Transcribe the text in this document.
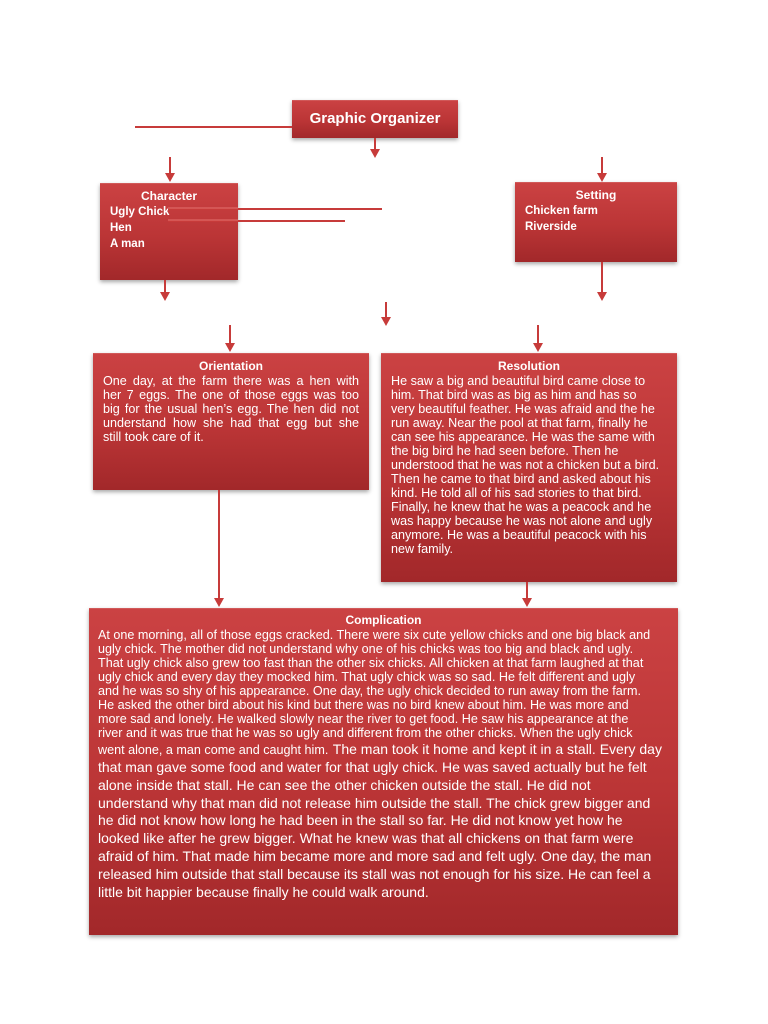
Graphic Organizer
Character
Ugly Chick
Hen
A man
Setting
Chicken farm
Riverside
Orientation
One day, at the farm there was a hen with
her 7 eggs. The one of those eggs was too
big for the usual hen’s egg. The hen did not
understand how she had that egg but she
still took care of it.
Resolution
He saw a big and beautiful bird came close to
him. That bird was as big as him and has so
very beautiful feather. He was afraid and the he
run away. Near the pool at that farm, finally he
can see his appearance. He was the same with
the big bird he had seen before. Then he
understood that he was not a chicken but a bird.
Then he came to that bird and asked about his
kind. He told all of his sad stories to that bird.
Finally, he knew that he was a peacock and he
was happy because he was not alone and ugly
anymore. He was a beautiful peacock with his
new family.
Complication
At one morning, all of those eggs cracked. There were six cute yellow chicks and one big black and
ugly chick. The mother did not understand why one of his chicks was too big and black and ugly.
That ugly chick also grew too fast than the other six chicks. All chicken at that farm laughed at that
ugly chick and every day they mocked him. That ugly chick was so sad. He felt different and ugly
and he was so shy of his appearance. One day, the ugly chick decided to run away from the farm.
He asked the other bird about his kind but there was no bird knew about him. He was more and
more sad and lonely. He walked slowly near the river to get food. He saw his appearance at the
river and it was true that he was so ugly and different from the other chicks. When the ugly chick
went alone, a man come and caught him. The man took it home and kept it in a stall. Every day
that man gave some food and water for that ugly chick. He was saved actually but he felt
alone inside that stall. He can see the other chicken outside the stall. He did not
understand why that man did not release him outside the stall. The chick grew bigger and
he did not know how long he had been in the stall so far. He did not know yet how he
looked like after he grew bigger. What he knew was that all chickens on that farm were
afraid of him. That made him became more and more sad and felt ugly. One day, the man
released him outside that stall because its stall was not enough for his size. He can feel a
little bit happier because finally he could walk around.
